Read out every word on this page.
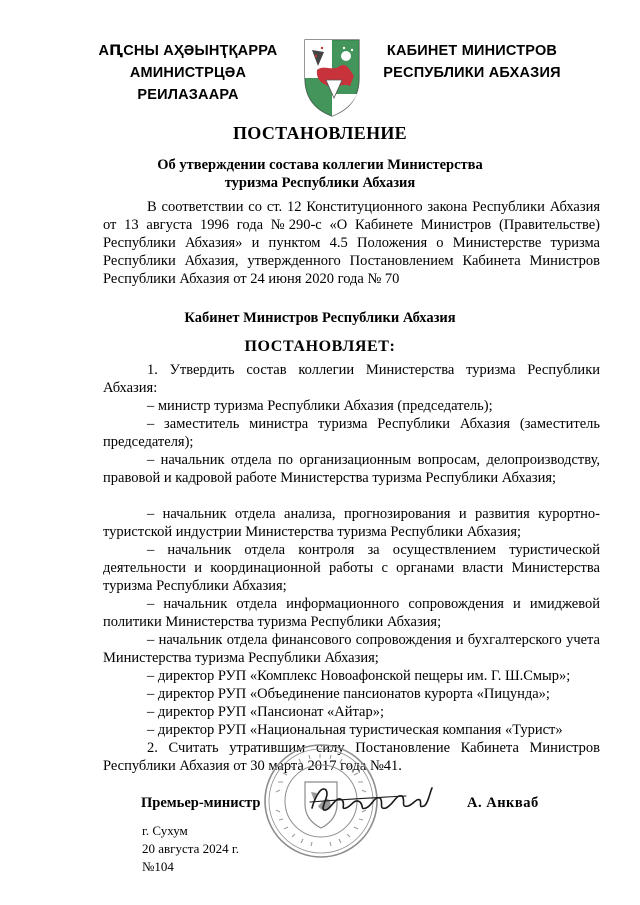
АԤСНЫ АҲӘЫНҬҚАРРА
АМИНИСТРЦӘА РЕИЛАЗААРА
КАБИНЕТ МИНИСТРОВ
РЕСПУБЛИКИ АБХАЗИЯ
ПОСТАНОВЛЕНИЕ
Об утверждении состава коллегии Министерства
туризма Республики Абхазия
В соответствии со ст. 12 Конституционного закона Республики Абхазия от 13 августа 1996 года №290-с «О Кабинете Министров (Правительстве) Республики Абхазия» и пунктом 4.5 Положения о Министерстве туризма Республики Абхазия, утвержденного Постановлением Кабинета Министров Республики Абхазия от 24 июня 2020 года № 70
Кабинет Министров Республики Абхазия
ПОСТАНОВЛЯЕТ:
1. Утвердить состав коллегии Министерства туризма Республики Абхазия:
– министр туризма Республики Абхазия (председатель);
– заместитель министра туризма Республики Абхазия (заместитель председателя);
– начальник отдела по организационным вопросам, делопроизводству, правовой и кадровой работе Министерства туризма Республики Абхазия;
– начальник отдела анализа, прогнозирования и развития курортно-туристской индустрии Министерства туризма Республики Абхазия;
– начальник отдела контроля за осуществлением туристической деятельности и координационной работы с органами власти Министерства туризма Республики Абхазия;
– начальник отдела информационного сопровождения и имиджевой политики Министерства туризма Республики Абхазия;
– начальник отдела финансового сопровождения и бухгалтерского учета Министерства туризма Республики Абхазия;
– директор РУП «Комплекс Новоафонской пещеры им. Г. Ш.Смыр»;
– директор РУП «Объединение пансионатов курорта «Пицунда»;
– директор РУП «Пансионат «Айтар»;
– директор РУП «Национальная туристическая компания «Турист»
2. Считать утратившим силу Постановление Кабинета Министров Республики Абхазия от 30 марта 2017 года №41.
Премьер-министр	А. Анкваб
г. Сухум
20 августа 2024 г.
№104
